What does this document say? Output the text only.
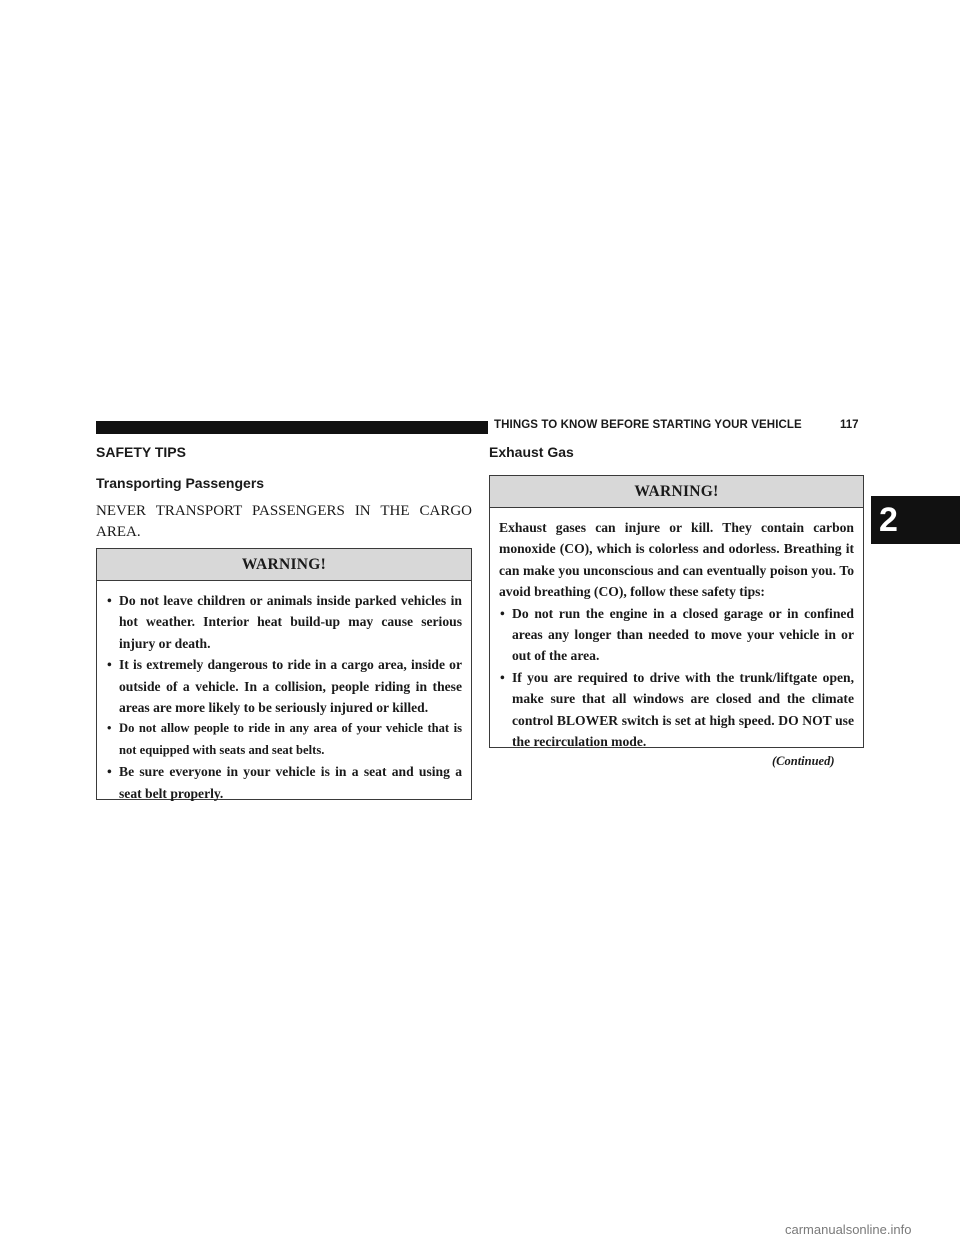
THINGS TO KNOW BEFORE STARTING YOUR VEHICLE	117
SAFETY TIPS
Transporting Passengers
NEVER TRANSPORT PASSENGERS IN THE CARGO AREA.
WARNING!
• Do not leave children or animals inside parked vehicles in hot weather. Interior heat build-up may cause serious injury or death.
• It is extremely dangerous to ride in a cargo area, inside or outside of a vehicle. In a collision, people riding in these areas are more likely to be seriously injured or killed.
• Do not allow people to ride in any area of your vehicle that is not equipped with seats and seat belts.
• Be sure everyone in your vehicle is in a seat and using a seat belt properly.
Exhaust Gas
WARNING!

Exhaust gases can injure or kill. They contain carbon monoxide (CO), which is colorless and odorless. Breathing it can make you unconscious and can eventually poison you. To avoid breathing (CO), follow these safety tips:

• Do not run the engine in a closed garage or in confined areas any longer than needed to move your vehicle in or out of the area.
• If you are required to drive with the trunk/liftgate open, make sure that all windows are closed and the climate control BLOWER switch is set at high speed. DO NOT use the recirculation mode.
(Continued)
2
carmanualsonline.info
